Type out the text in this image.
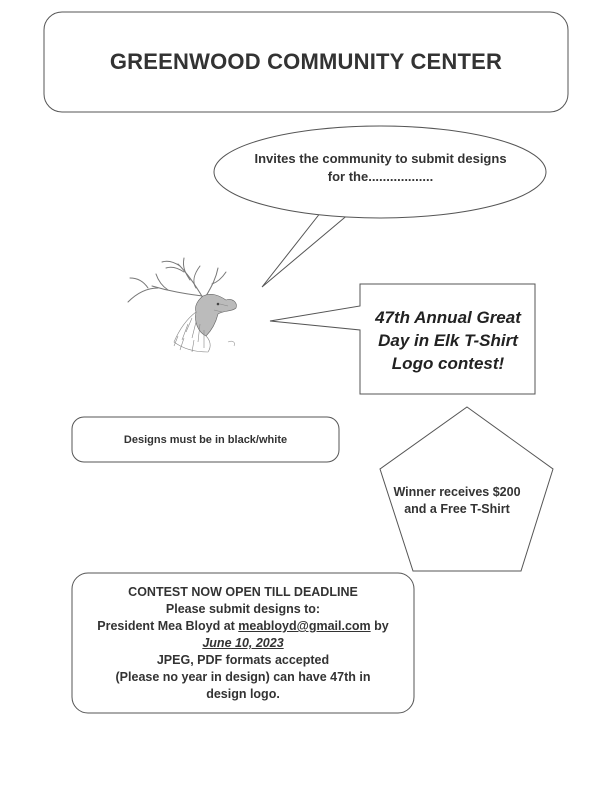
GREENWOOD COMMUNITY CENTER
Invites the community to submit designs
for the..................
47th Annual Great
Day in Elk T-Shirt
Logo contest!
Designs must be in black/white
Winner receives $200
and a Free T-Shirt
CONTEST NOW OPEN TILL DEADLINE
Please submit designs to:
President Mea Bloyd at meabloyd@gmail.com by
June 10, 2023
JPEG, PDF formats accepted
(Please no year in design) can have 47th in
design logo.
